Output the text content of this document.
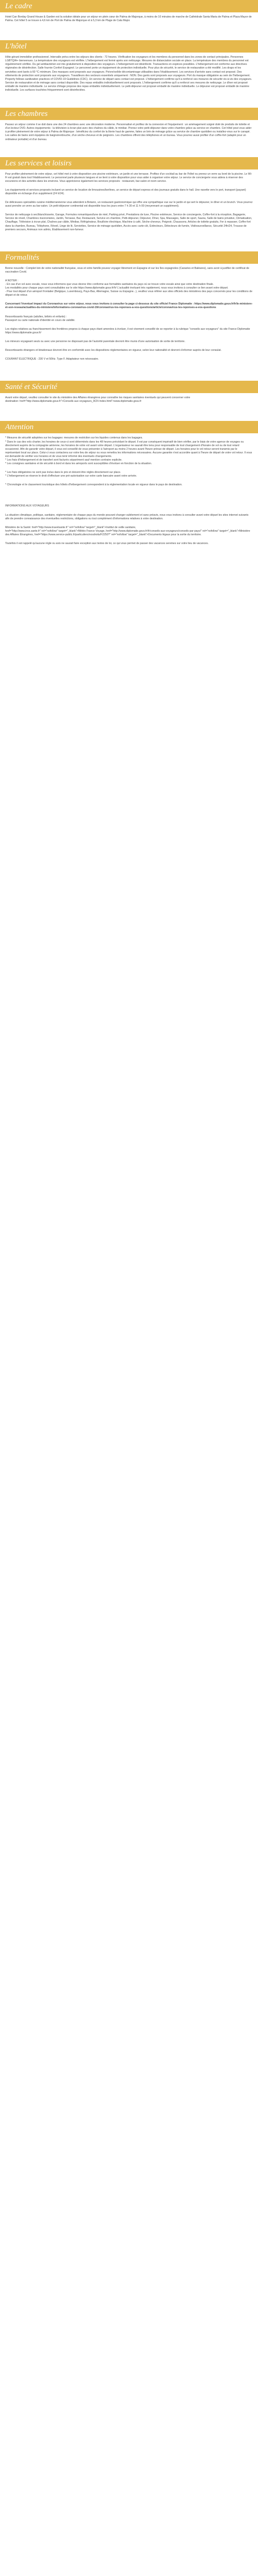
Le cadre

Hotel Can Borday Grand House & Garden est la solution idéale pour un séjour en plein cœur de Palma de Majorque, à moins de 10 minutes de marche de Cathédrale Santa Maria de Palma et Plaza Mayor de Palma. Cet hôtel 5 se trouve à 4,6 km de Port de Palma de Majorque et à 5,3 km de Plage de Cala Major.

L'hôtel

Hôte gérant immobilier professionnel. Intervalle prévu entre les séjours des clients : 72 heures. Vérification les voyageurs et les membres du personnel dans les zones de contact principales. Personnes LGBTQIA+ bienvenues. La température des voyageurs est vérifiée. L'hébergement est fermé après son nettoyage. Mesures de distanciation sociale en place. La température des membres du personnel est régulièrement vérifiée. Du gel antibactérien est mis gratuitement à disposition des voyageurs. L'hébergement est désinfecté. Transactions en espèces possibles. L'hébergement est conforme aux directives régionales de désinfection. Salle fournie Confort Espagnol. Le personnel porte un équipement de protection individuelle. Pour plus de sécurité, le service de restauration a été modifié. Les draps et les serviettes sont lavés à 60 °C minimum. Des masques sont proposés aux voyageurs. Poivre/sel/de décontaminage utilisables dans l'établissement. Les services d'arrivée sans contact est proposé. Des vêtements de protection sont proposés aux voyageurs. Travailleurs des secteurs essentiels uniquement : NON. Des gants sont proposés aux voyageurs. Port du masque obligatoire au sein de l'hébergement. Property follows sanitization practices of COVID-19 Guidelines (CDC). Un service de départ sans contact est proposé. L'hébergement confirme qu'il a renforcé ses mesures de sécurité vis-à-vis des voyageurs. Service de restauration et de ménage sans contact disponible. Des repas emballés individuellement sont proposés. L'hébergement confirme qu'il a renforcé ses mesures de nettoyage. Le dîner est proposé emballé de manière individuelle. Le service d'étage propose des repas emballés individuellement. Le petit-déjeuner est proposé emballé de manière individuelle. Le déjeuner est proposé emballé de manière individuelle. Les surfaces touchées fréquemment sont désinfectées.

Les chambres

Passez un séjour comme il se doit dans une des 24 chambres avec une décoration moderne. Personnalisé et profitez de la connexion et l'équipement : un aménagement soigné doté de produits de toilette et d'un lecteur DVD. Autres équipements : la télévision à écran plat avec des chaînes du câble, le minibar. Prenez votre petit-déjeuner dans votre chambre grâce au service en chambre. Cet hôtel peut vous aider à profiter pleinement de votre séjour à Palma de Majorque : bénéficiez du confort de la literie haut de gamme, faites un brin de ménage grâce au service de chambre quotidien ou installez-vous sur le canapé. Les salles de bains sont équipées de baignoire/douche, d'un sèche-cheveux et de peignoirs. Les chambres offrent des téléphones et un bureau. Vous pourrez aussi profiter d'un coffre-fort (adapté pour un ordinateur portable) et d'un bureau.

Les services et loisirs

Pour profiter pleinement de votre séjour, cet hôtel met à votre disposition une piscine extérieure, un jardin et une terrasse. Profitez d'un cocktail au bar de l'hôtel ou prenez un verre au bord de la piscine. Le Wi-Fi est gratuit dans tout l'établissement. Le personnel parle plusieurs langues et se tient à votre disposition pour vous aider à organiser votre séjour. Le service de conciergerie vous aidera à réserver des excursions et des activités dans les environs. Vous apprécierez également les services proposés : restaurant, bar-salon et room service.

Les équipements et services proposés incluent un service de location de limousines/berlines, un service de départ express et des journaux gratuits dans le hall. Une navette vers le port, transport (payant) disponible en échange d'un supplément (24 h/24).

De délicieuses spécialités cuisine méditerranéenne vous attendent à Botanic, un restaurant gastronomique qui offre une sympathique vue sur le jardin et qui sert le déjeuner, le dîner et un brunch. Vous pourrez aussi prendre un verre au bar-salon. Un petit-déjeuner continental est disponible tous les jours entre 7 h 30 et 11 h 00 (moyennant un supplément).

Service de nettoyage à sec/blanchisserie, Garage, Formules romantiques/lune de miel, Parking privé, Prestations de luxe, Piscine extérieure, Service de conciergerie, Coffre-fort à la réception, Bagagerie, Service de réveil, Chambres insonorisées, Jardin, Terrasse, Bar, Restaurant, Service en chambre, Petit-déjeuner, Déjeuner, Dîner, Spa, Massages, Salle de sport, Sauna, Salle de bains privative, Climatisation, Chauffage, Télévision à écran plat, Chaînes par câble, Minibar, Réfrigérateur, Bouilloire électrique, Machine à café, Sèche-cheveux, Peignoir, Chaussons, Articles de toilette gratuits, Fer à repasser, Coffre-fort dans la chambre, Bureau, Téléphone, Réveil, Linge de lit, Serviettes, Service de ménage quotidien, Accès avec carte-clé, Extincteurs, Détecteurs de fumée, Vidéosurveillance, Sécurité 24h/24, Trousse de premiers secours, Animaux non admis, Établissement non-fumeur.

Formalités

Bonne nouvelle : Complet loin de votre nationalité française, vous et votre famille pouvez voyager librement en Espagne et sur les îles espagnoles (Canaries et Baléares), sans avoir à justifier de certificat de vaccination Covid.

A NOTER :
- En cas d'un vol avec escale, nous vous informons que vous devrez être conforme aux formalités sanitaires du pays où se trouve votre escale ainsi que votre destination finale.
Les modalités pour chaque pays sont consultables sur le site https://www.diplomatie.gouv.fr/fr/ L'actualité évoluant très rapidement, nous vous invitons à consulter ce lien avant votre départ.
- Pour tout départ d'un aéroport frontalier (Belgique, Luxembourg, Pays-Bas, Allemagne, Suisse ou Espagne...), veuillez vous référer aux sites officiels des ministères des pays concernés pour les conditions de départ et de retour.

Concernant l'éventuel impact du Coronavirus sur votre séjour, nous vous invitons à consulter la page ci-dessous du site officiel France Diplomatie : https://www.diplomatie.gouv.fr/fr/le-ministere-et-son-reseau/actualites-du-ministere/informations-coronavirus-covid-19/coronavirus-les-reponses-a-vos-questions/article/coronavirus-les-reponses-a-vos-questions

Ressortissants français (adultes, bébés et enfants) :
Passeport ou carte nationale d'identité en cours de validité.

Les règles relatives au franchissement des frontières propres à chaque pays étant amenées à évoluer, il est vivement conseillé de se reporter à la rubrique "conseils aux voyageurs" du site France Diplomatie https://www.diplomatie.gouv.fr/

Les mineurs voyageant seuls ou avec une personne ne disposant pas de l'autorité parentale devront être munis d'une autorisation de sortie de territoire.

Ressortissants étrangers et binationaux devront être en conformité avec les dispositions réglementaires en vigueur, selon leur nationalité et devront s'informer auprès de leur consulat.

COURANT ÉLECTRIQUE : 230 V et 50Hz. Type F. Adaptateur non nécessaire.

Santé et Sécurité

Avant votre départ, veuillez consulter le site du ministère des Affaires étrangères pour connaître les risques sanitaires éventuels qui peuvent concerner votre
destination: href="http://www.diplomatie.gouv.fr">Conseils aux voyageurs_9CN Index.html">www.diplomatie.gouv.fr

Attention

* Mesures de sécurité adoptées sur les bagages: mesures de restriction sur les liquides contenus dans les bagages.
* Dans le cas des vols charter, les horaires de ceux-ci sont déterminés dans les 48 heures précédant le départ. Il est par conséquent impératif de bien vérifier, par le biais de votre agence de voyages ou directement auprès de la compagnie aérienne, les horaires de votre vol avant votre départ. L'organisateur ne saurait être tenu pour responsable de tout changement d'horaire de vol ou de tout retard occasionné. Afin de garantir votre départ, il vous est conseillé de vous présenter à l'aéroport au moins 2 heures avant l'heure prévue de départ. Les horaires pour le vol retour seront transmis par le représentant local sur place. Celui-ci vous contactera sur votre lieu de séjour ou vous remettra les informations nécessaires. Aucune garantie n'est accordée quant à l'heure de départ de votre vol retour. Il vous est demandé de vérifier vos horaires et de vous tenir informé des éventuels changements.
* Les frais d'hébergement et de transfert sont facturés séparément sauf mention contraire explicite.
* Les consignes sanitaires et de sécurité à bord et dans les aéroports sont susceptibles d'évoluer en fonction de la situation.

* Les frais obligatoires ne sont pas inclus dans le prix et doivent être réglés directement sur place.
* L'hébergement se réserve le droit d'effectuer une pré-autorisation sur votre carte bancaire avant votre arrivée.

* Chronologie et le classement touristique des hôtels d'hébergement correspondent à la réglementation locale en vigueur dans le pays de destination.

INFORMATIONS AUX VOYAGEURS

La situation climatique, politique, sanitaire, réglementaire de chaque pays du monde pouvant changer subitement et sans préavis, nous vous invitons à consulter avant votre départ les sites internet suivants afin de prendre connaissance des éventuelles restrictions, obligations ou tout complément d'informations relatives à votre destination.

Ministère de la Santé: href="http://www.travelsante.fr" rel="nofollow" target="_blank">Institut de veille sanitaire,
href="http://www.invs.sante.fr" rel="nofollow" target="_blank">Météo France Voyage, href="http://www.diplomatie.gouv.fr/fr/conseils-aux-voyageurs/conseils-par-pays/" rel="nofollow" target="_blank">Ministère des Affaires Étrangères, href="https://www.service-public.fr/particuliers/vosdroits/F2250?" rel="nofollow" target="_blank">Documents légaux pour la sortie du territoire.

Toutefois il est rappelé qu'aucune règle ou avis ne saurait faire exception aux textes de loi, ce qui vous permet de passer des vacances sereines sur votre lieu de vacances.
